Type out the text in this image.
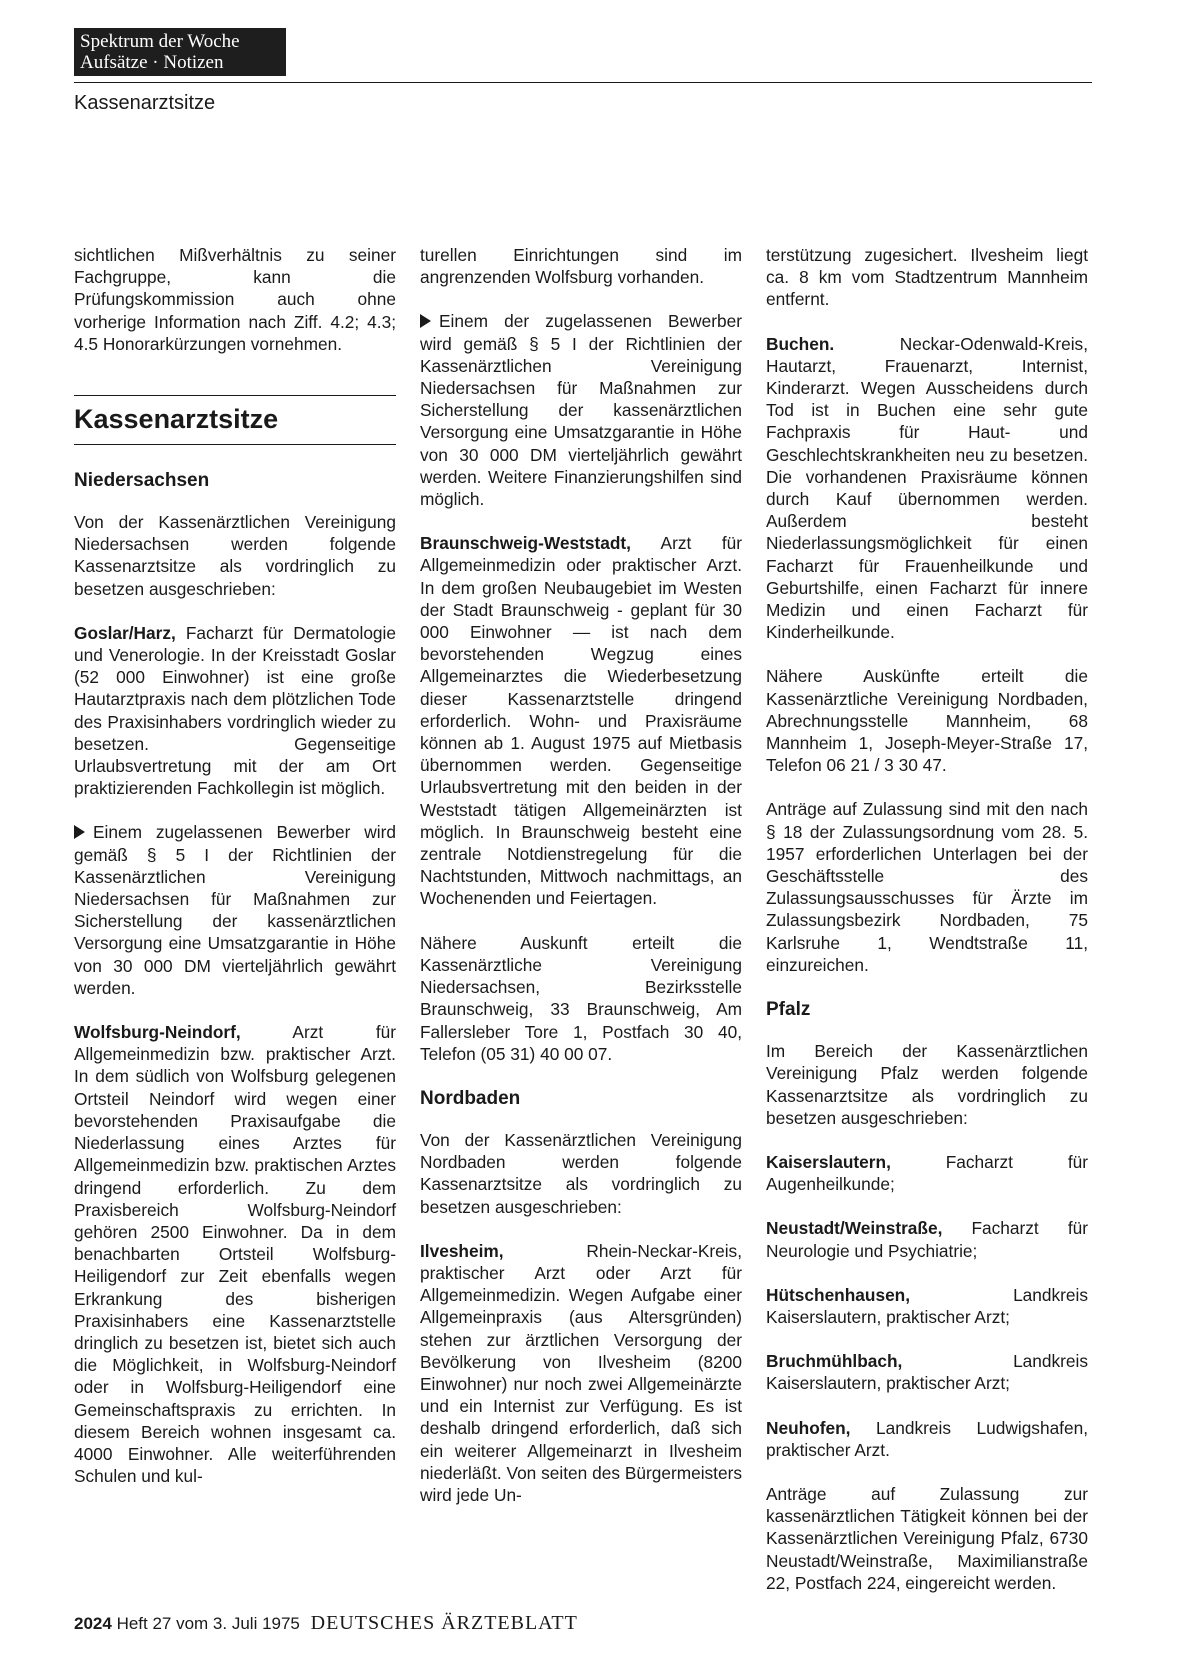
Spektrum der Woche
Aufsätze · Notizen
Kassenarztsitze

sichtlichen Mißverhältnis zu seiner Fachgruppe, kann die Prüfungskommission auch ohne vorherige Information nach Ziff. 4.2; 4.3; 4.5 Honorarkürzungen vornehmen.

Kassenarztsitze
Niedersachsen

Von der Kassenärztlichen Vereinigung Niedersachsen werden folgende Kassenarztsitze als vordringlich zu besetzen ausgeschrieben:

Goslar/Harz, Facharzt für Dermatologie und Venerologie. In der Kreisstadt Goslar (52 000 Einwohner) ist eine große Hautarztpraxis nach dem plötzlichen Tode des Praxisinhabers vordringlich wieder zu besetzen. Gegenseitige Urlaubsvertretung mit der am Ort praktizierenden Fachkollegin ist möglich.

Einem zugelassenen Bewerber wird gemäß § 5 I der Richtlinien der Kassenärztlichen Vereinigung Niedersachsen für Maßnahmen zur Sicherstellung der kassenärztlichen Versorgung eine Umsatzgarantie in Höhe von 30 000 DM vierteljährlich gewährt werden.

Wolfsburg-Neindorf, Arzt für Allgemeinmedizin bzw. praktischer Arzt. In dem südlich von Wolfsburg gelegenen Ortsteil Neindorf wird wegen einer bevorstehenden Praxisaufgabe die Niederlassung eines Arztes für Allgemeinmedizin bzw. praktischen Arztes dringend erforderlich. Zu dem Praxisbereich Wolfsburg-Neindorf gehören 2500 Einwohner. Da in dem benachbarten Ortsteil Wolfsburg-Heiligendorf zur Zeit ebenfalls wegen Erkrankung des bisherigen Praxisinhabers eine Kassenarztstelle dringlich zu besetzen ist, bietet sich auch die Möglichkeit, in Wolfsburg-Neindorf oder in Wolfsburg-Heiligendorf eine Gemeinschaftspraxis zu errichten. In diesem Bereich wohnen insgesamt ca. 4000 Einwohner. Alle weiterführenden Schulen und kul-

turellen Einrichtungen sind im angrenzenden Wolfsburg vorhanden.

Einem der zugelassenen Bewerber wird gemäß § 5 I der Richtlinien der Kassenärztlichen Vereinigung Niedersachsen für Maßnahmen zur Sicherstellung der kassenärztlichen Versorgung eine Umsatzgarantie in Höhe von 30 000 DM vierteljährlich gewährt werden. Weitere Finanzierungshilfen sind möglich.

Braunschweig-Weststadt, Arzt für Allgemeinmedizin oder praktischer Arzt. In dem großen Neubaugebiet im Westen der Stadt Braunschweig - geplant für 30 000 Einwohner — ist nach dem bevorstehenden Wegzug eines Allgemeinarztes die Wiederbesetzung dieser Kassenarztstelle dringend erforderlich. Wohn- und Praxisräume können ab 1. August 1975 auf Mietbasis übernommen werden. Gegenseitige Urlaubsvertretung mit den beiden in der Weststadt tätigen Allgemeinärzten ist möglich. In Braunschweig besteht eine zentrale Notdienstregelung für die Nachtstunden, Mittwoch nachmittags, an Wochenenden und Feiertagen.

Nähere Auskunft erteilt die Kassenärztliche Vereinigung Niedersachsen, Bezirksstelle Braunschweig, 33 Braunschweig, Am Fallersleber Tore 1, Postfach 30 40, Telefon (05 31) 40 00 07.

Nordbaden

Von der Kassenärztlichen Vereinigung Nordbaden werden folgende Kassenarztsitze als vordringlich zu besetzen ausgeschrieben:

Ilvesheim, Rhein-Neckar-Kreis, praktischer Arzt oder Arzt für Allgemeinmedizin. Wegen Aufgabe einer Allgemeinpraxis (aus Altersgründen) stehen zur ärztlichen Versorgung der Bevölkerung von Ilvesheim (8200 Einwohner) nur noch zwei Allgemeinärzte und ein Internist zur Verfügung. Es ist deshalb dringend erforderlich, daß sich ein weiterer Allgemeinarzt in Ilvesheim niederläßt. Von seiten des Bürgermeisters wird jede Un-

terstützung zugesichert. Ilvesheim liegt ca. 8 km vom Stadtzentrum Mannheim entfernt.

Buchen. Neckar-Odenwald-Kreis, Hautarzt, Frauenarzt, Internist, Kinderarzt. Wegen Ausscheidens durch Tod ist in Buchen eine sehr gute Fachpraxis für Haut- und Geschlechtskrankheiten neu zu besetzen. Die vorhandenen Praxisräume können durch Kauf übernommen werden. Außerdem besteht Niederlassungsmöglichkeit für einen Facharzt für Frauenheilkunde und Geburtshilfe, einen Facharzt für innere Medizin und einen Facharzt für Kinderheilkunde.

Nähere Auskünfte erteilt die Kassenärztliche Vereinigung Nordbaden, Abrechnungsstelle Mannheim, 68 Mannheim 1, Joseph-Meyer-Straße 17, Telefon 06 21 / 3 30 47.

Anträge auf Zulassung sind mit den nach § 18 der Zulassungsordnung vom 28. 5. 1957 erforderlichen Unterlagen bei der Geschäftsstelle des Zulassungsausschusses für Ärzte im Zulassungsbezirk Nordbaden, 75 Karlsruhe 1, Wendtstraße 11, einzureichen.

Pfalz

Im Bereich der Kassenärztlichen Vereinigung Pfalz werden folgende Kassenarztsitze als vordringlich zu besetzen ausgeschrieben:

Kaiserslautern, Facharzt für Augenheilkunde;

Neustadt/Weinstraße, Facharzt für Neurologie und Psychiatrie;

Hütschenhausen, Landkreis Kaiserslautern, praktischer Arzt;

Bruchmühlbach, Landkreis Kaiserslautern, praktischer Arzt;

Neuhofen, Landkreis Ludwigshafen, praktischer Arzt.

Anträge auf Zulassung zur kassenärztlichen Tätigkeit können bei der Kassenärztlichen Vereinigung Pfalz, 6730 Neustadt/Weinstraße, Maximilianstraße 22, Postfach 224, eingereicht werden.

2024 Heft 27 vom 3. Juli 1975 DEUTSCHES ÄRZTEBLATT
